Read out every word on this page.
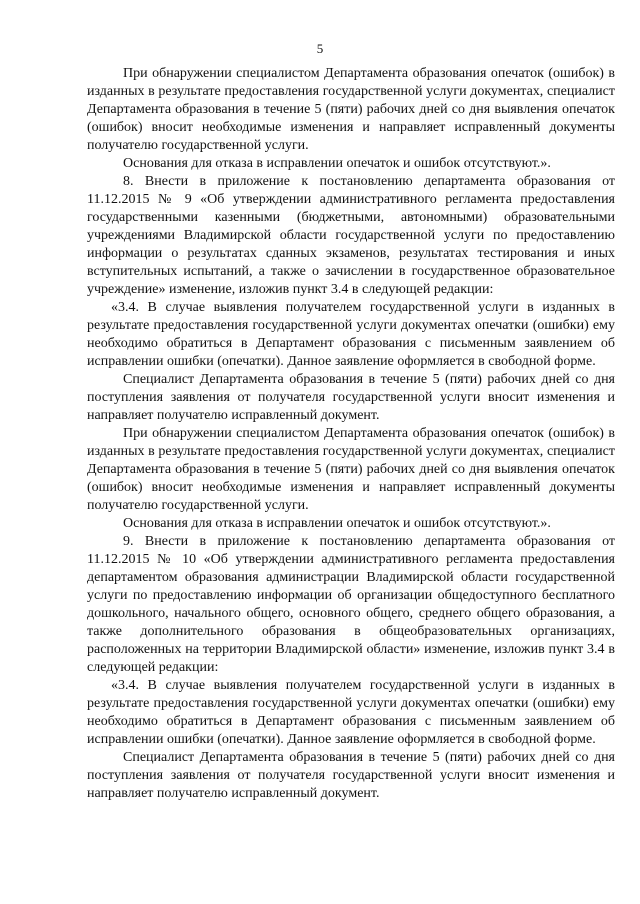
5

При обнаружении специалистом Департамента образования опечаток (ошибок) в изданных в результате предоставления государственной услуги документах, специалист Департамента образования в течение 5 (пяти) рабочих дней со дня выявления опечаток (ошибок) вносит необходимые изменения и направляет исправленный документы получателю государственной услуги.

Основания для отказа в исправлении опечаток и ошибок отсутствуют.».

8. Внести в приложение к постановлению департамента образования от 11.12.2015 № 9 «Об утверждении административного регламента предоставления государственными казенными (бюджетными, автономными) образовательными учреждениями Владимирской области государственной услуги по предоставлению информации о результатах сданных экзаменов, результатах тестирования и иных вступительных испытаний, а также о зачислении в государственное образовательное учреждение» изменение, изложив пункт 3.4 в следующей редакции:

«3.4. В случае выявления получателем государственной услуги в изданных в результате предоставления государственной услуги документах опечатки (ошибки) ему необходимо обратиться в Департамент образования с письменным заявлением об исправлении ошибки (опечатки). Данное заявление оформляется в свободной форме.

Специалист Департамента образования в течение 5 (пяти) рабочих дней со дня поступления заявления от получателя государственной услуги вносит изменения и направляет получателю исправленный документ.

При обнаружении специалистом Департамента образования опечаток (ошибок) в изданных в результате предоставления государственной услуги документах, специалист Департамента образования в течение 5 (пяти) рабочих дней со дня выявления опечаток (ошибок) вносит необходимые изменения и направляет исправленный документы получателю государственной услуги.

Основания для отказа в исправлении опечаток и ошибок отсутствуют.».

9. Внести в приложение к постановлению департамента образования от 11.12.2015 № 10 «Об утверждении административного регламента предоставления департаментом образования администрации Владимирской области государственной услуги по предоставлению информации об организации общедоступного бесплатного дошкольного, начального общего, основного общего, среднего общего образования, а также дополнительного образования в общеобразовательных организациях, расположенных на территории Владимирской области» изменение, изложив пункт 3.4 в следующей редакции:

«3.4. В случае выявления получателем государственной услуги в изданных в результате предоставления государственной услуги документах опечатки (ошибки) ему необходимо обратиться в Департамент образования с письменным заявлением об исправлении ошибки (опечатки). Данное заявление оформляется в свободной форме.

Специалист Департамента образования в течение 5 (пяти) рабочих дней со дня поступления заявления от получателя государственной услуги вносит изменения и направляет получателю исправленный документ.
